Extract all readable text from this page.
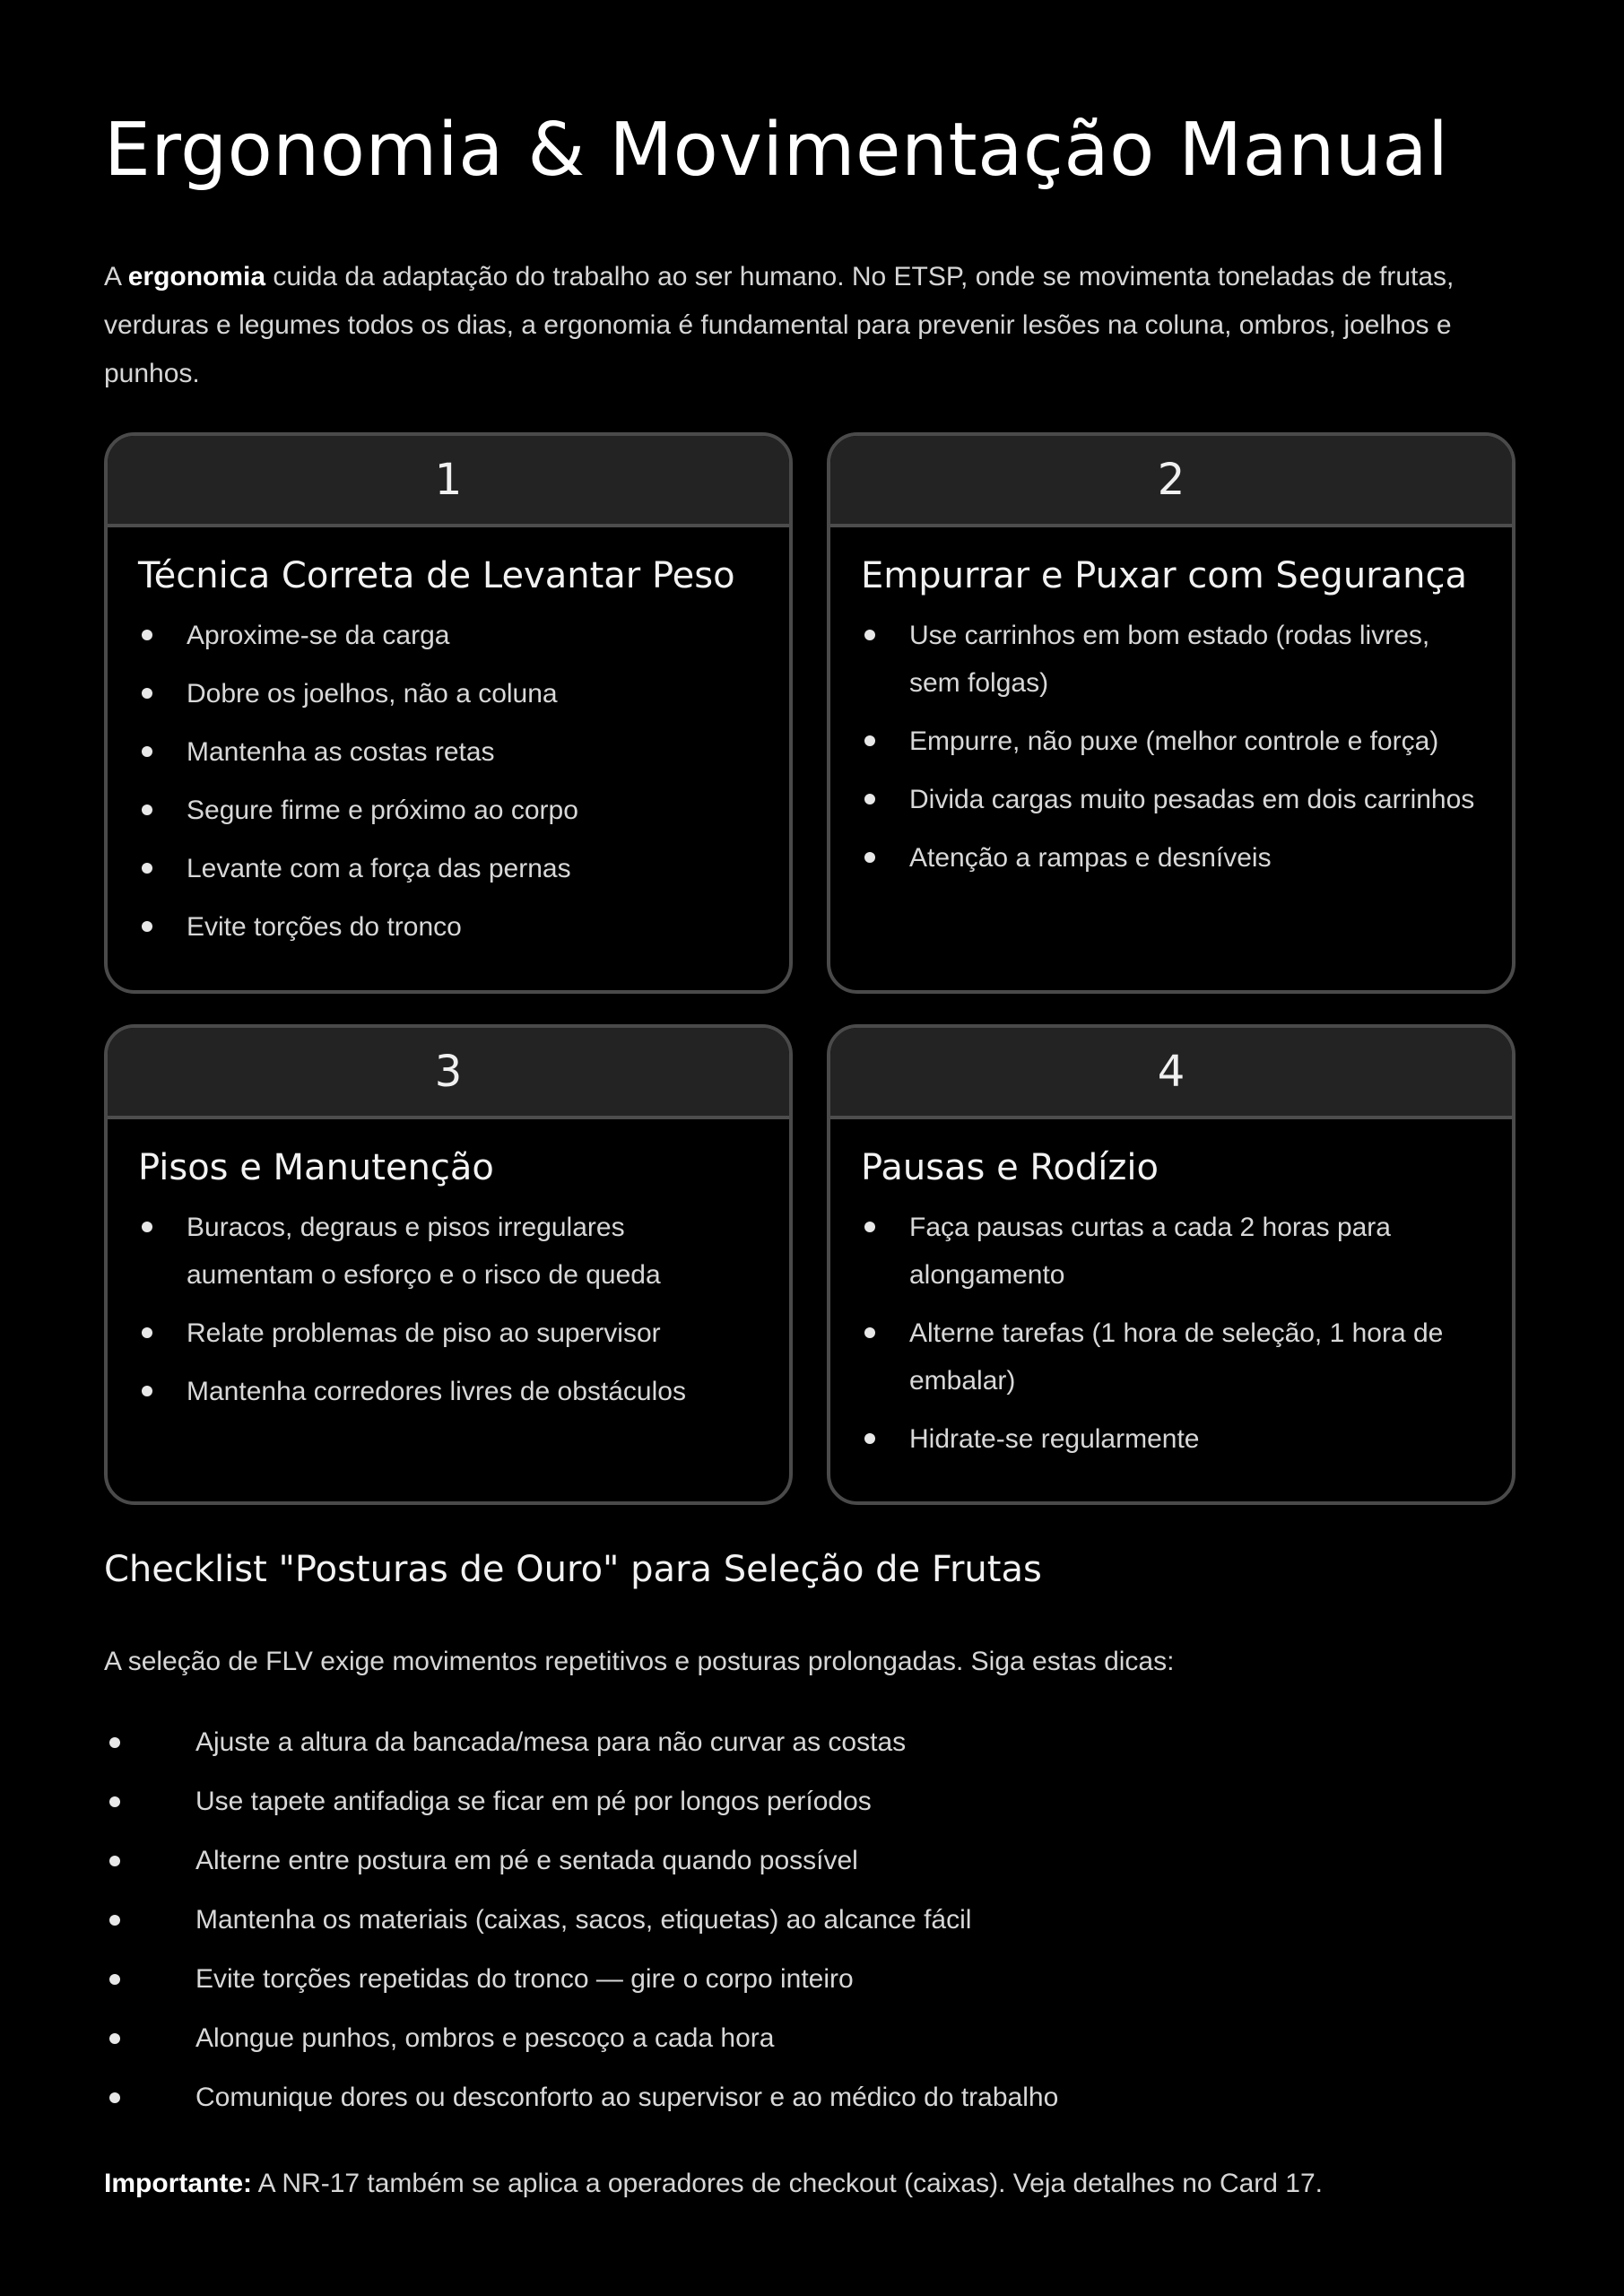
Ergonomia & Movimentação Manual

A ergonomia cuida da adaptação do trabalho ao ser humano. No ETSP, onde se movimenta toneladas de frutas, verduras e legumes todos os dias, a ergonomia é fundamental para prevenir lesões na coluna, ombros, joelhos e punhos.

1
Técnica Correta de Levantar Peso
Aproxime-se da carga
Dobre os joelhos, não a coluna
Mantenha as costas retas
Segure firme e próximo ao corpo
Levante com a força das pernas
Evite torções do tronco
2
Empurrar e Puxar com Segurança
Use carrinhos em bom estado (rodas livres, sem folgas)
Empurre, não puxe (melhor controle e força)
Divida cargas muito pesadas em dois carrinhos
Atenção a rampas e desníveis
3
Pisos e Manutenção
Buracos, degraus e pisos irregulares aumentam o esforço e o risco de queda
Relate problemas de piso ao supervisor
Mantenha corredores livres de obstáculos
4
Pausas e Rodízio
Faça pausas curtas a cada 2 horas para alongamento
Alterne tarefas (1 hora de seleção, 1 hora de embalar)
Hidrate-se regularmente
Checklist "Posturas de Ouro" para Seleção de Frutas

A seleção de FLV exige movimentos repetitivos e posturas prolongadas. Siga estas dicas:

Ajuste a altura da bancada/mesa para não curvar as costas
Use tapete antifadiga se ficar em pé por longos períodos
Alterne entre postura em pé e sentada quando possível
Mantenha os materiais (caixas, sacos, etiquetas) ao alcance fácil
Evite torções repetidas do tronco — gire o corpo inteiro
Alongue punhos, ombros e pescoço a cada hora
Comunique dores ou desconforto ao supervisor e ao médico do trabalho

Importante: A NR-17 também se aplica a operadores de checkout (caixas). Veja detalhes no Card 17.
